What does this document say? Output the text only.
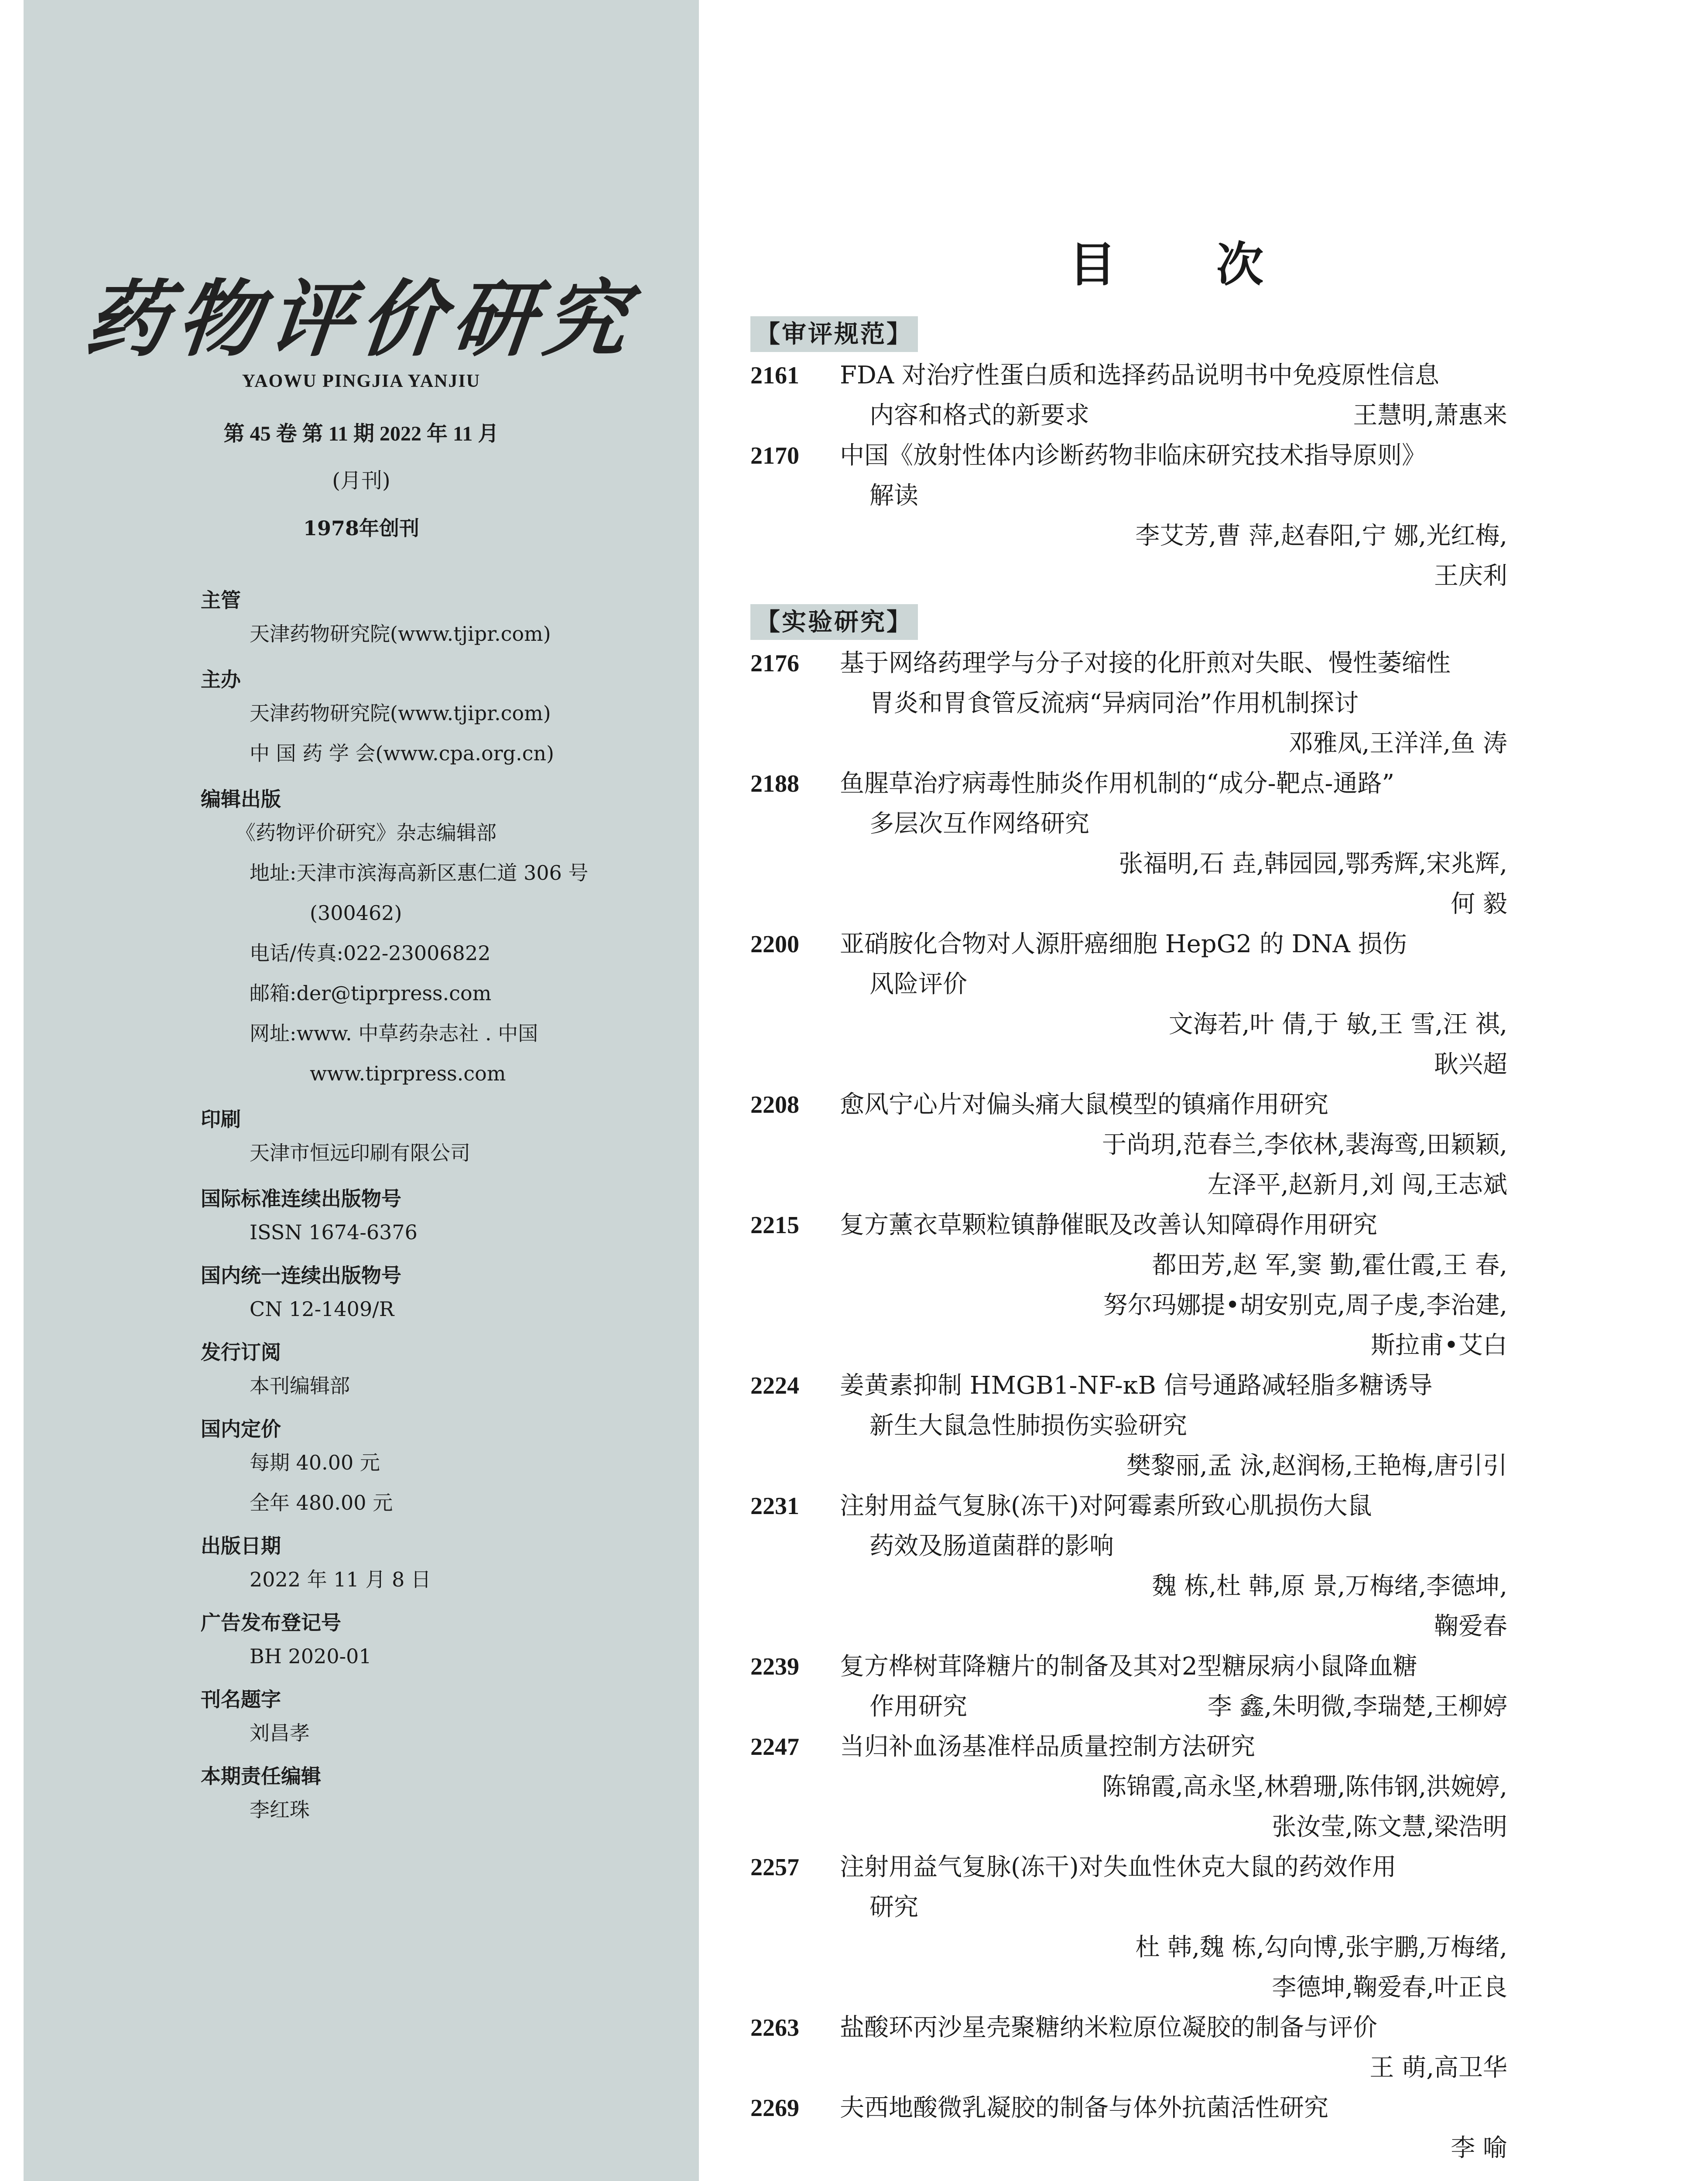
药物评价研究
YAOWU PINGJIA YANJIU
第 45 卷 第 11 期 2022 年 11 月
(月刊)
1978年创刊
主管
天津药物研究院(www.tjipr.com)
主办
天津药物研究院(www.tjipr.com)
中 国 药 学 会(www.cpa.org.cn)
编辑出版
《药物评价研究》杂志编辑部
地址:天津市滨海高新区惠仁道 306 号
(300462)
电话/传真:022-23006822
邮箱:der@tiprpress.com
网址:www. 中草药杂志社 . 中国
www.tiprpress.com
印刷
天津市恒远印刷有限公司
国际标准连续出版物号
ISSN 1674-6376
国内统一连续出版物号
CN 12-1409/R
发行订阅
本刊编辑部
国内定价
每期 40.00 元
全年 480.00 元
出版日期
2022 年 11 月 8 日
广告发布登记号
BH 2020-01
刊名题字
刘昌孝
本期责任编辑
李红珠
目次
【审评规范】
2161 FDA 对治疗性蛋白质和选择药品说明书中免疫原性信息
内容和格式的新要求	王慧明,萧惠来
2170 中国《放射性体内诊断药物非临床研究技术指导原则》
解读
李艾芳,曹 萍,赵春阳,宁 娜,光红梅,
王庆利
【实验研究】
2176 基于网络药理学与分子对接的化肝煎对失眠、慢性萎缩性
胃炎和胃食管反流病“异病同治”作用机制探讨
邓雅凤,王洋洋,鱼 涛
2188 鱼腥草治疗病毒性肺炎作用机制的“成分-靶点-通路”
多层次互作网络研究
张福明,石 垚,韩园园,鄂秀辉,宋兆辉,
何 毅
2200 亚硝胺化合物对人源肝癌细胞 HepG2 的 DNA 损伤
风险评价
文海若,叶 倩,于 敏,王 雪,汪 祺,
耿兴超
2208 愈风宁心片对偏头痛大鼠模型的镇痛作用研究
于尚玥,范春兰,李依林,裴海鸾,田颖颖,
左泽平,赵新月,刘 闯,王志斌
2215 复方薰衣草颗粒镇静催眠及改善认知障碍作用研究
都田芳,赵 军,窦 勤,霍仕霞,王 春,
努尔玛娜提•胡安别克,周子虔,李治建,
斯拉甫•艾白
2224 姜黄素抑制 HMGB1-NF-κB 信号通路减轻脂多糖诱导
新生大鼠急性肺损伤实验研究
樊黎丽,孟 泳,赵润杨,王艳梅,唐引引
2231 注射用益气复脉(冻干)对阿霉素所致心肌损伤大鼠
药效及肠道菌群的影响
魏 栋,杜 韩,原 景,万梅绪,李德坤,
鞠爱春
2239 复方桦树茸降糖片的制备及其对2型糖尿病小鼠降血糖
作用研究	李 鑫,朱明微,李瑞楚,王柳婷
2247 当归补血汤基准样品质量控制方法研究
陈锦霞,高永坚,林碧珊,陈伟钢,洪婉婷,
张汝莹,陈文慧,梁浩明
2257 注射用益气复脉(冻干)对失血性休克大鼠的药效作用
研究
杜 韩,魏 栋,勾向博,张宇鹏,万梅绪,
李德坤,鞠爱春,叶正良
2263 盐酸环丙沙星壳聚糖纳米粒原位凝胶的制备与评价
王 萌,高卫华
2269 夫西地酸微乳凝胶的制备与体外抗菌活性研究
李 喻
